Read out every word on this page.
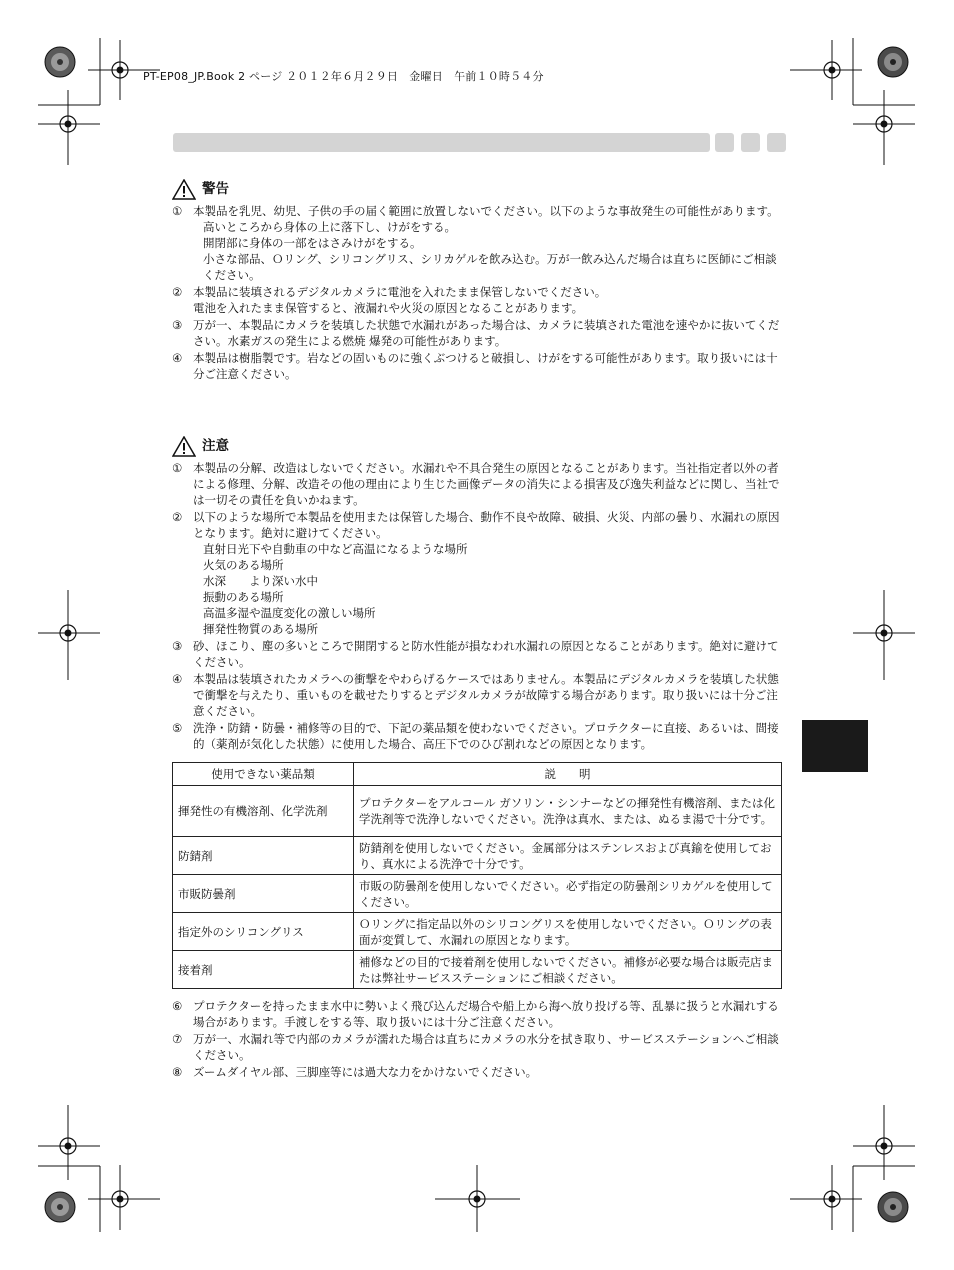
PT-EP08_JP.Book 2 ページ ２０１２年６月２９日　金曜日　午前１０時５４分
警告
① 本製品を乳児、幼児、子供の手の届く範囲に放置しないでください。以下のような事故発生の可能性があります。
高いところから身体の上に落下し、けがをする。
開閉部に身体の一部をはさみけがをする。
小さな部品、Ｏリング、シリコングリス、シリカゲルを飲み込む。万が一飲み込んだ場合は直ちに医師にご相談ください。
② 本製品に装填されるデジタルカメラに電池を入れたまま保管しないでください。
電池を入れたまま保管すると、液漏れや火災の原因となることがあります。
③ 万が一、本製品にカメラを装填した状態で水漏れがあった場合は、カメラに装填された電池を速やかに抜いてください。水素ガスの発生による燃焼 爆発の可能性があります。
④ 本製品は樹脂製です。岩などの固いものに強くぶつけると破損し、けがをする可能性があります。取り扱いには十分ご注意ください。
注意
① 本製品の分解、改造はしないでください。水漏れや不具合発生の原因となることがあります。当社指定者以外の者による修理、分解、改造その他の理由により生じた画像データの消失による損害及び逸失利益などに関し、当社では一切その責任を負いかねます。
② 以下のような場所で本製品を使用または保管した場合、動作不良や故障、破損、火災、内部の曇り、水漏れの原因となります。絶対に避けてください。
直射日光下や自動車の中など高温になるような場所
火気のある場所
水深　　より深い水中
振動のある場所
高温多湿や温度変化の激しい場所
揮発性物質のある場所
③ 砂、ほこり、塵の多いところで開閉すると防水性能が損なわれ水漏れの原因となることがあります。絶対に避けてください。
④ 本製品は装填されたカメラへの衝撃をやわらげるケースではありません。本製品にデジタルカメラを装填した状態で衝撃を与えたり、重いものを載せたりするとデジタルカメラが故障する場合があります。取り扱いには十分ご注意ください。
⑤ 洗浄・防錆・防曇・補修等の目的で、下記の薬品類を使わないでください。プロテクターに直接、あるいは、間接的（薬剤が気化した状態）に使用した場合、高圧下でのひび割れなどの原因となります。
使用できない薬品類	説　　明
揮発性の有機溶剤、化学洗剤	プロテクターをアルコール ガソリン・シンナーなどの揮発性有機溶剤、または化学洗剤等で洗浄しないでください。洗浄は真水、または、ぬるま湯で十分です。
防錆剤	防錆剤を使用しないでください。金属部分はステンレスおよび真鍮を使用しており、真水による洗浄で十分です。
市販防曇剤	市販の防曇剤を使用しないでください。必ず指定の防曇剤シリカゲルを使用してください。
指定外のシリコングリス	Ｏリングに指定品以外のシリコングリスを使用しないでください。Ｏリングの表面が変質して、水漏れの原因となります。
接着剤	補修などの目的で接着剤を使用しないでください。補修が必要な場合は販売店または弊社サービスステーションにご相談ください。
⑥ プロテクターを持ったまま水中に勢いよく飛び込んだ場合や船上から海へ放り投げる等、乱暴に扱うと水漏れする場合があります。手渡しをする等、取り扱いには十分ご注意ください。
⑦ 万が一、水漏れ等で内部のカメラが濡れた場合は直ちにカメラの水分を拭き取り、サービスステーションへご相談ください。
⑧ ズームダイヤル部、三脚座等には過大な力をかけないでください。
